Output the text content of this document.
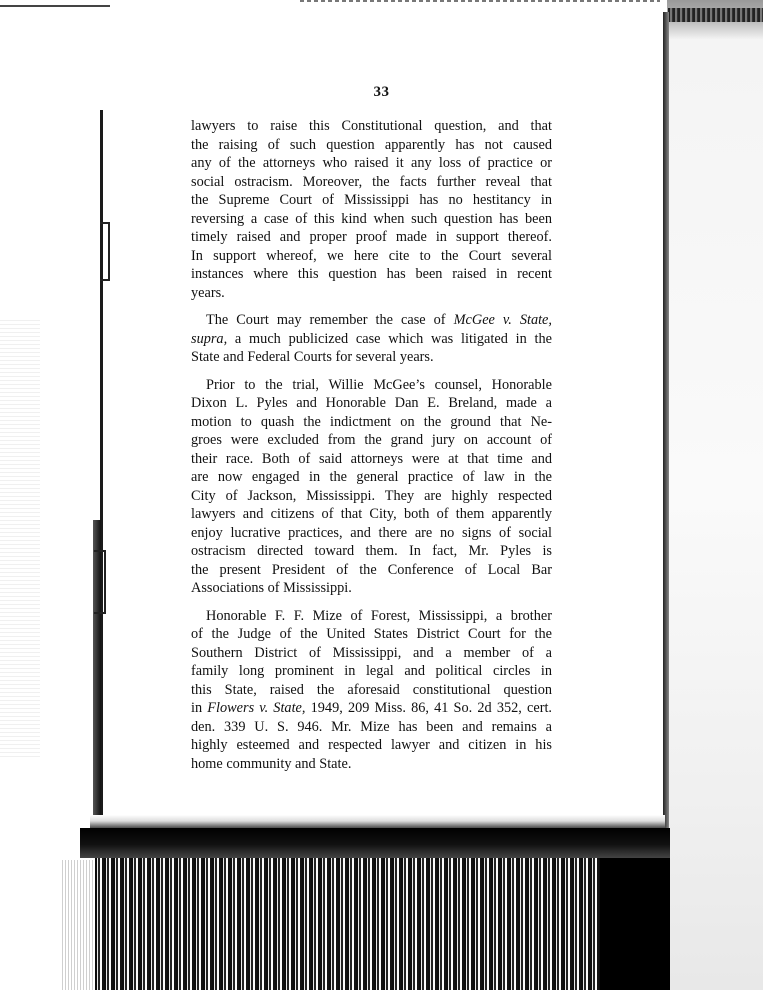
33

lawyers to raise this Constitutional question, and that
the raising of such question apparently has not caused
any of the attorneys who raised it any loss of practice or
social ostracism. Moreover, the facts further reveal that
the Supreme Court of Mississippi has no hestitancy in
reversing a case of this kind when such question has been
timely raised and proper proof made in support thereof.
In support whereof, we here cite to the Court several
instances where this question has been raised in recent
years.

The Court may remember the case of McGee v. State,
supra, a much publicized case which was litigated in the
State and Federal Courts for several years.

Prior to the trial, Willie McGee’s counsel, Honorable
Dixon L. Pyles and Honorable Dan E. Breland, made a
motion to quash the indictment on the ground that Ne-
groes were excluded from the grand jury on account of
their race. Both of said attorneys were at that time and
are now engaged in the general practice of law in the
City of Jackson, Mississippi. They are highly respected
lawyers and citizens of that City, both of them apparently
enjoy lucrative practices, and there are no signs of social
ostracism directed toward them. In fact, Mr. Pyles is
the present President of the Conference of Local Bar
Associations of Mississippi.

Honorable F. F. Mize of Forest, Mississippi, a brother
of the Judge of the United States District Court for the
Southern District of Mississippi, and a member of a
family long prominent in legal and political circles in
this State, raised the aforesaid constitutional question
in Flowers v. State, 1949, 209 Miss. 86, 41 So. 2d 352, cert.
den. 339 U. S. 946. Mr. Mize has been and remains a
highly esteemed and respected lawyer and citizen in his
home community and State.
